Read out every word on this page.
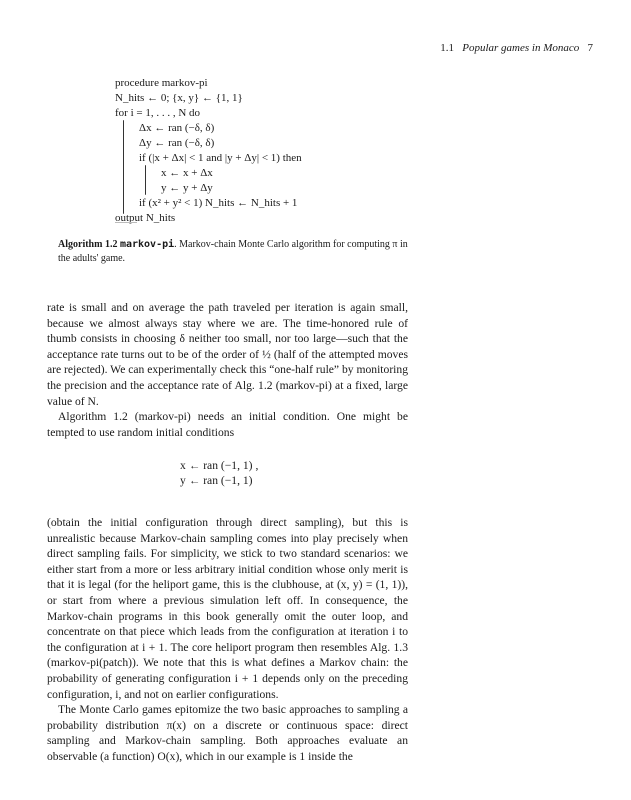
1.1 Popular games in Monaco 7
procedure markov-pi
N_hits ← 0; {x, y} ← {1, 1}
for i = 1, . . . , N do
Δx ← ran (−δ, δ)
Δy ← ran (−δ, δ)
if (|x + Δx| < 1 and |y + Δy| < 1) then
x ← x + Δx
y ← y + Δy
if (x² + y² < 1) N_hits ← N_hits + 1
output N_hits
Algorithm 1.2 markov-pi. Markov-chain Monte Carlo algorithm for computing π in the adults' game.

rate is small and on average the path traveled per iteration is again small, because we almost always stay where we are. The time-honored rule of thumb consists in choosing δ neither too small, nor too large—such that the acceptance rate turns out to be of the order of ½ (half of the attempted moves are rejected). We can experimentally check this “one-half rule” by monitoring the precision and the acceptance rate of Alg. 1.2 (markov-pi) at a fixed, large value of N.

Algorithm 1.2 (markov-pi) needs an initial condition. One might be tempted to use random initial conditions

x ← ran (−1, 1) ,
y ← ran (−1, 1)

(obtain the initial configuration through direct sampling), but this is unrealistic because Markov-chain sampling comes into play precisely when direct sampling fails. For simplicity, we stick to two standard scenarios: we either start from a more or less arbitrary initial condition whose only merit is that it is legal (for the heliport game, this is the clubhouse, at (x, y) = (1, 1)), or start from where a previous simulation left off. In consequence, the Markov-chain programs in this book generally omit the outer loop, and concentrate on that piece which leads from the configuration at iteration i to the configuration at i + 1. The core heliport program then resembles Alg. 1.3 (markov-pi(patch)). We note that this is what defines a Markov chain: the probability of generating configuration i + 1 depends only on the preceding configuration, i, and not on earlier configurations.

The Monte Carlo games epitomize the two basic approaches to sampling a probability distribution π(x) on a discrete or continuous space: direct sampling and Markov-chain sampling. Both approaches evaluate an observable (a function) O(x), which in our example is 1 inside the
